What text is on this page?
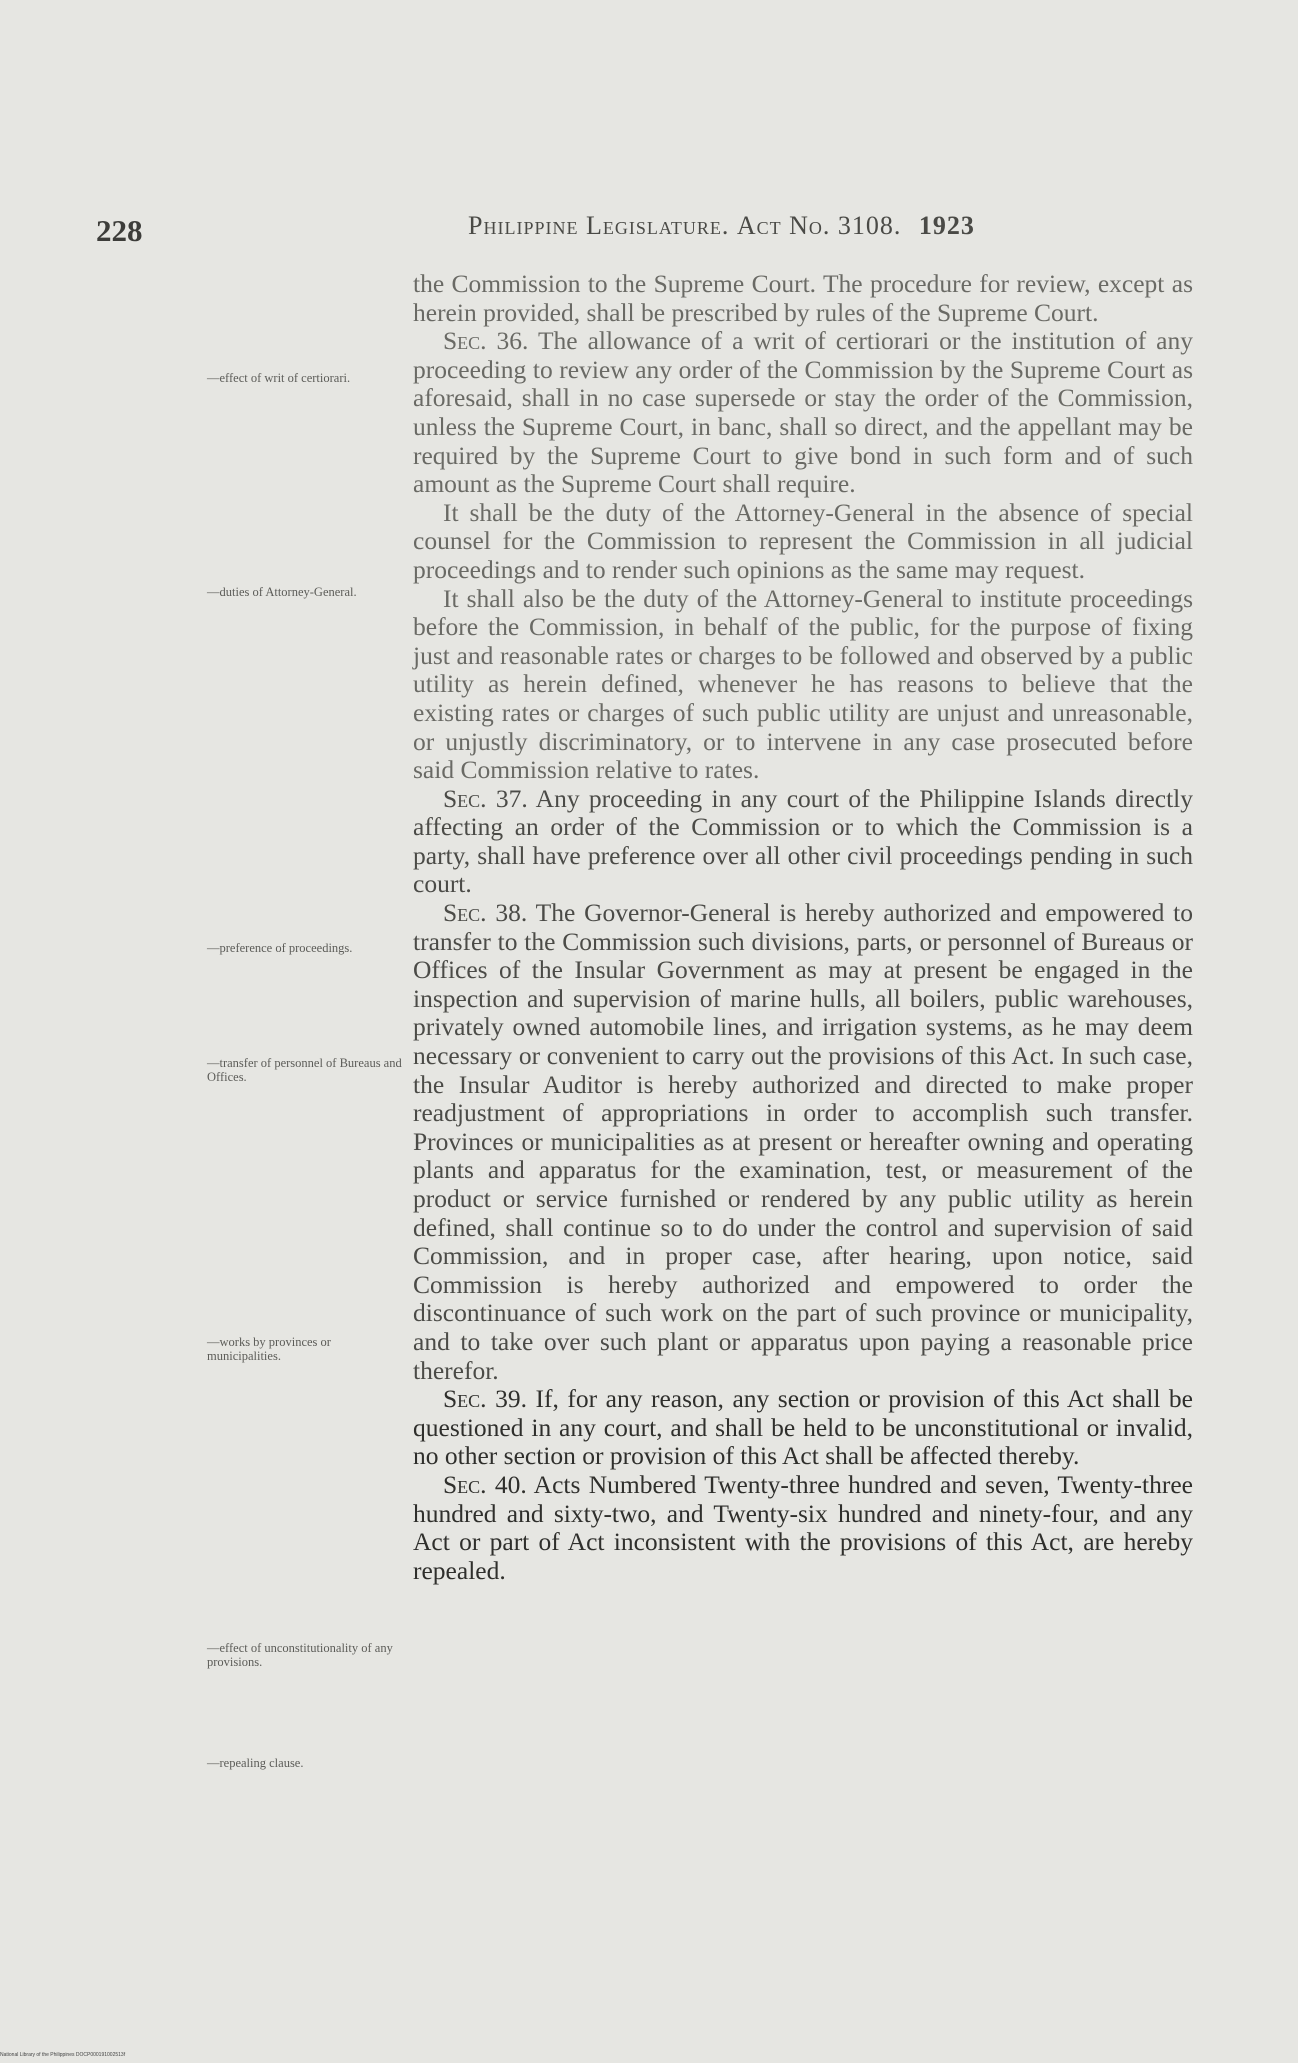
228	Philippine Legislature. Act No. 3108. 1923
—effect of writ of certiorari.
—duties of Attorney-General.
—preference of proceedings.
—transfer of personnel of Bureaus and Offices.
—works by provinces or municipalities.
—effect of unconstitutionality of any provisions.
—repealing clause.

the Commission to the Supreme Court. The procedure for review, except as herein provided, shall be prescribed by rules of the Supreme Court.

Sec. 36. The allowance of a writ of certiorari or the institution of any proceeding to review any order of the Commission by the Supreme Court as aforesaid, shall in no case supersede or stay the order of the Commission, unless the Supreme Court, in banc, shall so direct, and the appellant may be required by the Supreme Court to give bond in such form and of such amount as the Supreme Court shall require.

It shall be the duty of the Attorney-General in the absence of special counsel for the Commission to represent the Commission in all judicial proceedings and to render such opinions as the same may request.

It shall also be the duty of the Attorney-General to institute proceedings before the Commission, in behalf of the public, for the purpose of fixing just and reasonable rates or charges to be followed and observed by a public utility as herein defined, whenever he has reasons to believe that the existing rates or charges of such public utility are unjust and unreasonable, or unjustly discriminatory, or to intervene in any case prosecuted before said Commission relative to rates.

Sec. 37. Any proceeding in any court of the Philippine Islands directly affecting an order of the Commission or to which the Commission is a party, shall have preference over all other civil proceedings pending in such court.

Sec. 38. The Governor-General is hereby authorized and empowered to transfer to the Commission such divisions, parts, or personnel of Bureaus or Offices of the Insular Government as may at present be engaged in the inspection and supervision of marine hulls, all boilers, public warehouses, privately owned automobile lines, and irrigation systems, as he may deem necessary or convenient to carry out the provisions of this Act. In such case, the Insular Auditor is hereby authorized and directed to make proper readjustment of appropriations in order to accomplish such transfer. Provinces or municipalities as at present or hereafter owning and operating plants and apparatus for the examination, test, or measurement of the product or service furnished or rendered by any public utility as herein defined, shall continue so to do under the control and supervision of said Commission, and in proper case, after hearing, upon notice, said Commission is hereby authorized and empowered to order the discontinuance of such work on the part of such province or municipality, and to take over such plant or apparatus upon paying a reasonable price therefor.

Sec. 39. If, for any reason, any section or provision of this Act shall be questioned in any court, and shall be held to be unconstitutional or invalid, no other section or provision of this Act shall be affected thereby.

Sec. 40. Acts Numbered Twenty-three hundred and seven, Twenty-three hundred and sixty-two, and Twenty-six hundred and ninety-four, and any Act or part of Act inconsistent with the provisions of this Act, are hereby repealed.

National Library of the Philippines DOCP000191002513f
